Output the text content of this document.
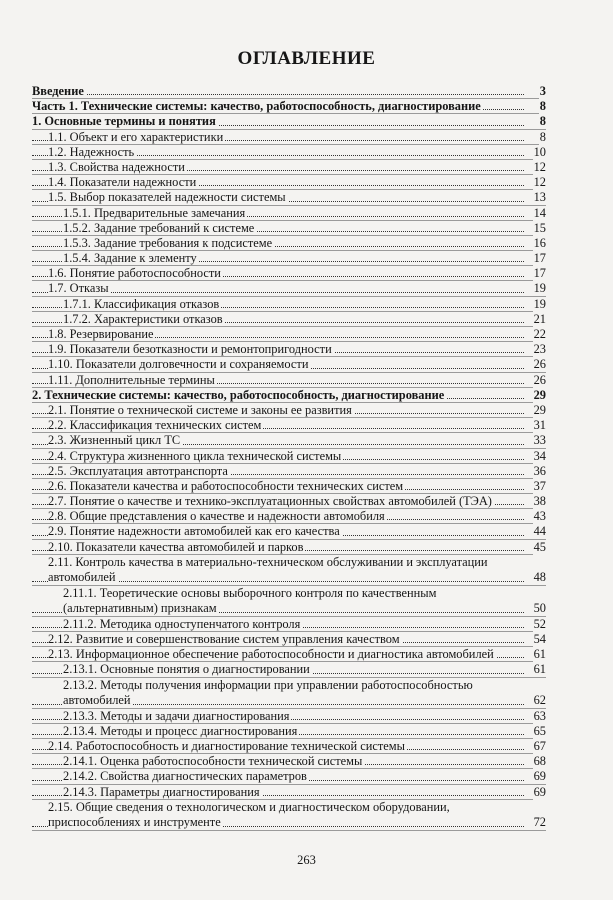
ОГЛАВЛЕНИЕ
Введение	3
Часть 1. Технические системы: качество, работоспособность, диагностирование	8
1. Основные термины и понятия	8
1.1. Объект и его характеристики	8
1.2. Надежность	10
1.3. Свойства надежности	12
1.4. Показатели надежности	12
1.5. Выбор показателей надежности системы	13
1.5.1. Предварительные замечания	14
1.5.2. Задание требований к системе	15
1.5.3. Задание требования к подсистеме	16
1.5.4. Задание к элементу	17
1.6. Понятие работоспособности	17
1.7. Отказы	19
1.7.1. Классификация отказов	19
1.7.2. Характеристики отказов	21
1.8. Резервирование	22
1.9. Показатели безотказности и ремонтопригодности	23
1.10. Показатели долговечности и сохраняемости	26
1.11. Дополнительные термины	26
2. Технические системы: качество, работоспособность, диагностирование	29
2.1. Понятие о технической системе и законы ее развития	29
2.2. Классификация технических систем	31
2.3. Жизненный цикл ТС	33
2.4. Структура жизненного цикла технической системы	34
2.5. Эксплуатация автотранспорта	36
2.6. Показатели качества и работоспособности технических систем	37
2.7. Понятие о качестве и технико-эксплуатационных свойствах автомобилей (ТЭА)	38
2.8. Общие представления о качестве и надежности автомобиля	43
2.9. Понятие надежности автомобилей как его качества	44
2.10. Показатели качества автомобилей и парков	45
2.11. Контроль качества в материально-техническом обслуживании и эксплуатации
автомобилей	48
2.11.1. Теоретические основы выборочного контроля по качественным
(альтернативным) признакам	50
2.11.2. Методика одноступенчатого контроля	52
2.12. Развитие и совершенствование систем управления качеством	54
2.13. Информационное обеспечение работоспособности и диагностика автомобилей	61
2.13.1. Основные понятия о диагностировании	61
2.13.2. Методы получения информации при управлении работоспособностью
автомобилей	62
2.13.3. Методы и задачи диагностирования	63
2.13.4. Методы и процесс диагностирования	65
2.14. Работоспособность и диагностирование технической системы	67
2.14.1. Оценка работоспособности технической системы	68
2.14.2. Свойства диагностических параметров	69
2.14.3. Параметры диагностирования	69
2.15. Общие сведения о технологическом и диагностическом оборудовании,
приспособлениях и инструменте	72
263
